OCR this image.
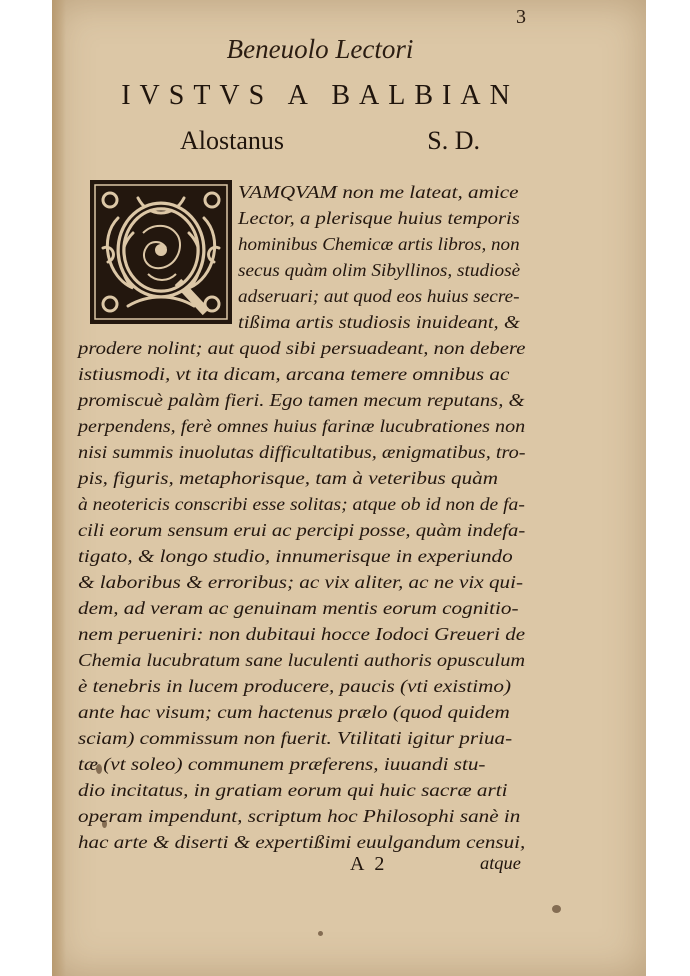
3
Beneuolo Lectori
IVSTVS A BALBIAN
Alostanus	S. D.
VAMQVAM non me lateat, amice
Lector, a plerisque huius temporis
hominibus Chemicæ artis libros, non
secus quàm olim Sibyllinos, studiosè
adseruari; aut quod eos huius secre-
tißima artis studiosis inuideant, &
prodere nolint; aut quod sibi persuadeant, non debere
istiusmodi, vt ita dicam, arcana temere omnibus ac
promiscuè palàm fieri. Ego tamen mecum reputans, &
perpendens, ferè omnes huius farinæ lucubrationes non
nisi summis inuolutas difficultatibus, ænigmatibus, tro-
pis, figuris, metaphorisque, tam à veteribus quàm
à neotericis conscribi esse solitas; atque ob id non de fa-
cili eorum sensum erui ac percipi posse, quàm indefa-
tigato, & longo studio, innumerisque in experiundo
& laboribus & erroribus; ac vix aliter, ac ne vix qui-
dem, ad veram ac genuinam mentis eorum cognitio-
nem perueniri: non dubitaui hocce Iodoci Greueri de
Chemia lucubratum sane luculenti authoris opusculum
è tenebris in lucem producere, paucis (vti existimo)
ante hac visum; cum hactenus prælo (quod quidem
sciam) commissum non fuerit. Vtilitati igitur priua-
tæ (vt soleo) communem præferens, iuuandi stu-
dio incitatus, in gratiam eorum qui huic sacræ arti
operam impendunt, scriptum hoc Philosophi sanè in
hac arte & diserti & expertißimi euulgandum censui,
A 2	atque
